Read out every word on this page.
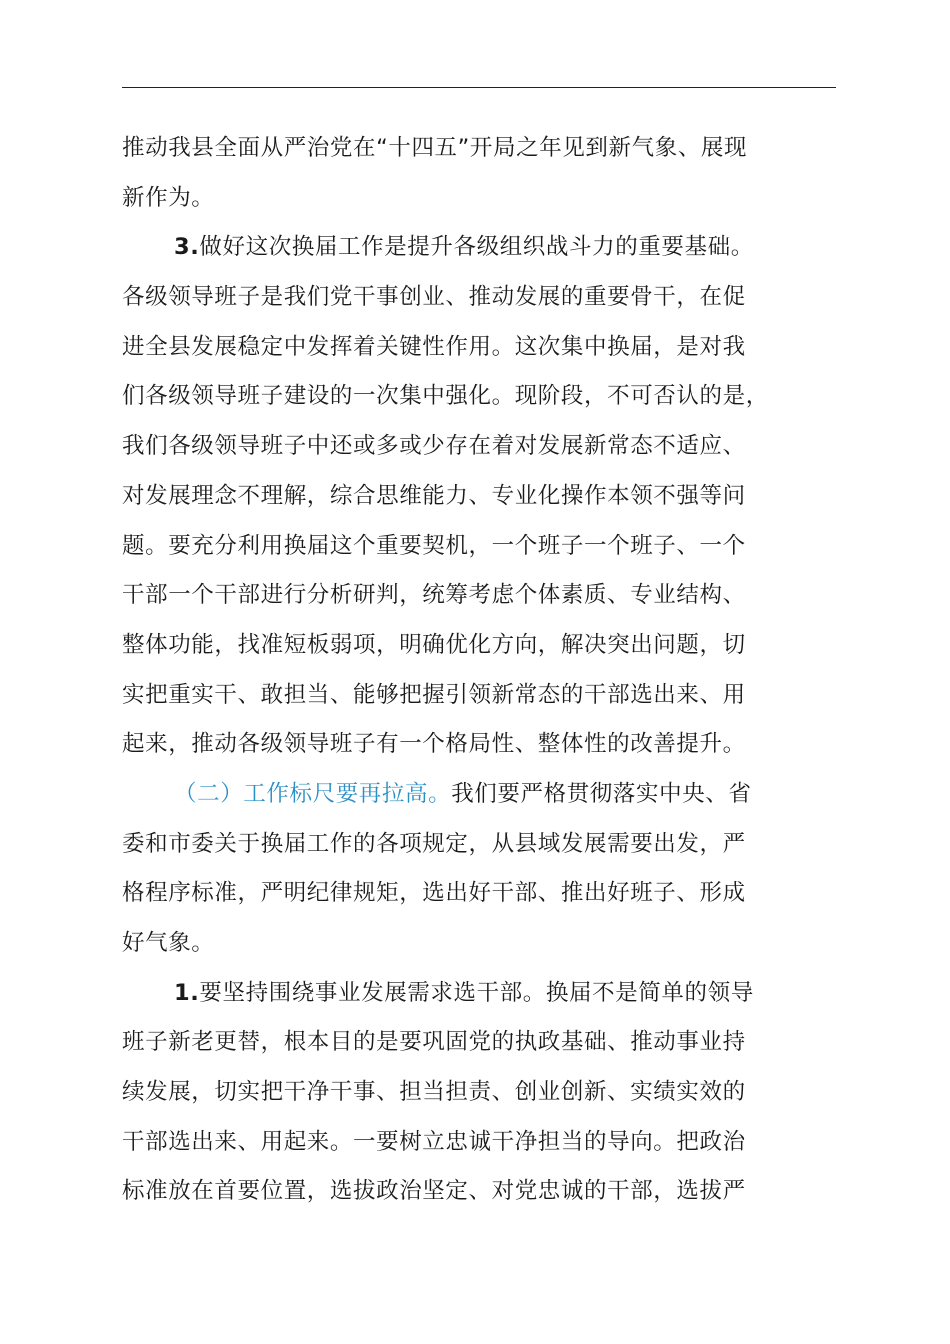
推动我县全面从严治党在“十四五”开局之年见到新气象、展现
新作为。
3.做好这次换届工作是提升各级组织战斗力的重要基础。
各级领导班子是我们党干事创业、推动发展的重要骨干，在促
进全县发展稳定中发挥着关键性作用。这次集中换届，是对我
们各级领导班子建设的一次集中强化。现阶段，不可否认的是，
我们各级领导班子中还或多或少存在着对发展新常态不适应、
对发展理念不理解，综合思维能力、专业化操作本领不强等问
题。要充分利用换届这个重要契机，一个班子一个班子、一个
干部一个干部进行分析研判，统筹考虑个体素质、专业结构、
整体功能，找准短板弱项，明确优化方向，解决突出问题，切
实把重实干、敢担当、能够把握引领新常态的干部选出来、用
起来，推动各级领导班子有一个格局性、整体性的改善提升。
（二）工作标尺要再拉高。我们要严格贯彻落实中央、省
委和市委关于换届工作的各项规定，从县域发展需要出发，严
格程序标准，严明纪律规矩，选出好干部、推出好班子、形成
好气象。
1.要坚持围绕事业发展需求选干部。换届不是简单的领导
班子新老更替，根本目的是要巩固党的执政基础、推动事业持
续发展，切实把干净干事、担当担责、创业创新、实绩实效的
干部选出来、用起来。一要树立忠诚干净担当的导向。把政治
标准放在首要位置，选拔政治坚定、对党忠诚的干部，选拔严
